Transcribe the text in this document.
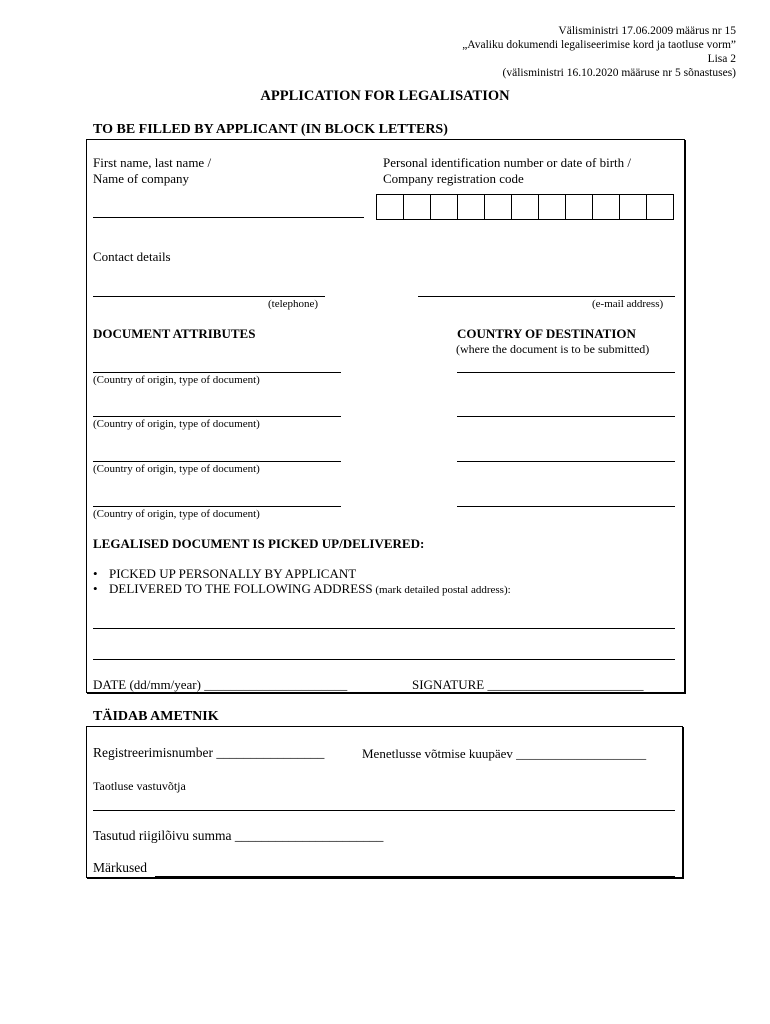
Välisministri 17.06.2009 määrus nr 15
„Avaliku dokumendi legaliseerimise kord ja taotluse vorm”
Lisa 2
(välisministri 16.10.2020 määruse nr 5 sõnastuses)
APPLICATION FOR LEGALISATION
TO BE FILLED BY APPLICANT (IN BLOCK LETTERS)
First name, last name /
Name of company
Personal identification number or date of birth /
Company registration code
Contact details
(telephone)	(e-mail address)
DOCUMENT ATTRIBUTES	COUNTRY OF DESTINATION
(where the document is to be submitted)
(Country of origin, type of document)
(Country of origin, type of document)
(Country of origin, type of document)
(Country of origin, type of document)
LEGALISED DOCUMENT IS PICKED UP/DELIVERED:
• PICKED UP PERSONALLY BY APPLICANT
• DELIVERED TO THE FOLLOWING ADDRESS (mark detailed postal address):
DATE (dd/mm/year) ______________________	SIGNATURE ________________________
TÄIDAB AMETNIK
Registreerimisnumber ________________	Menetlusse võtmise kuupäev ____________________
Taotluse vastuvõtja
Tasutud riigilõivu summa ______________________
Märkused
